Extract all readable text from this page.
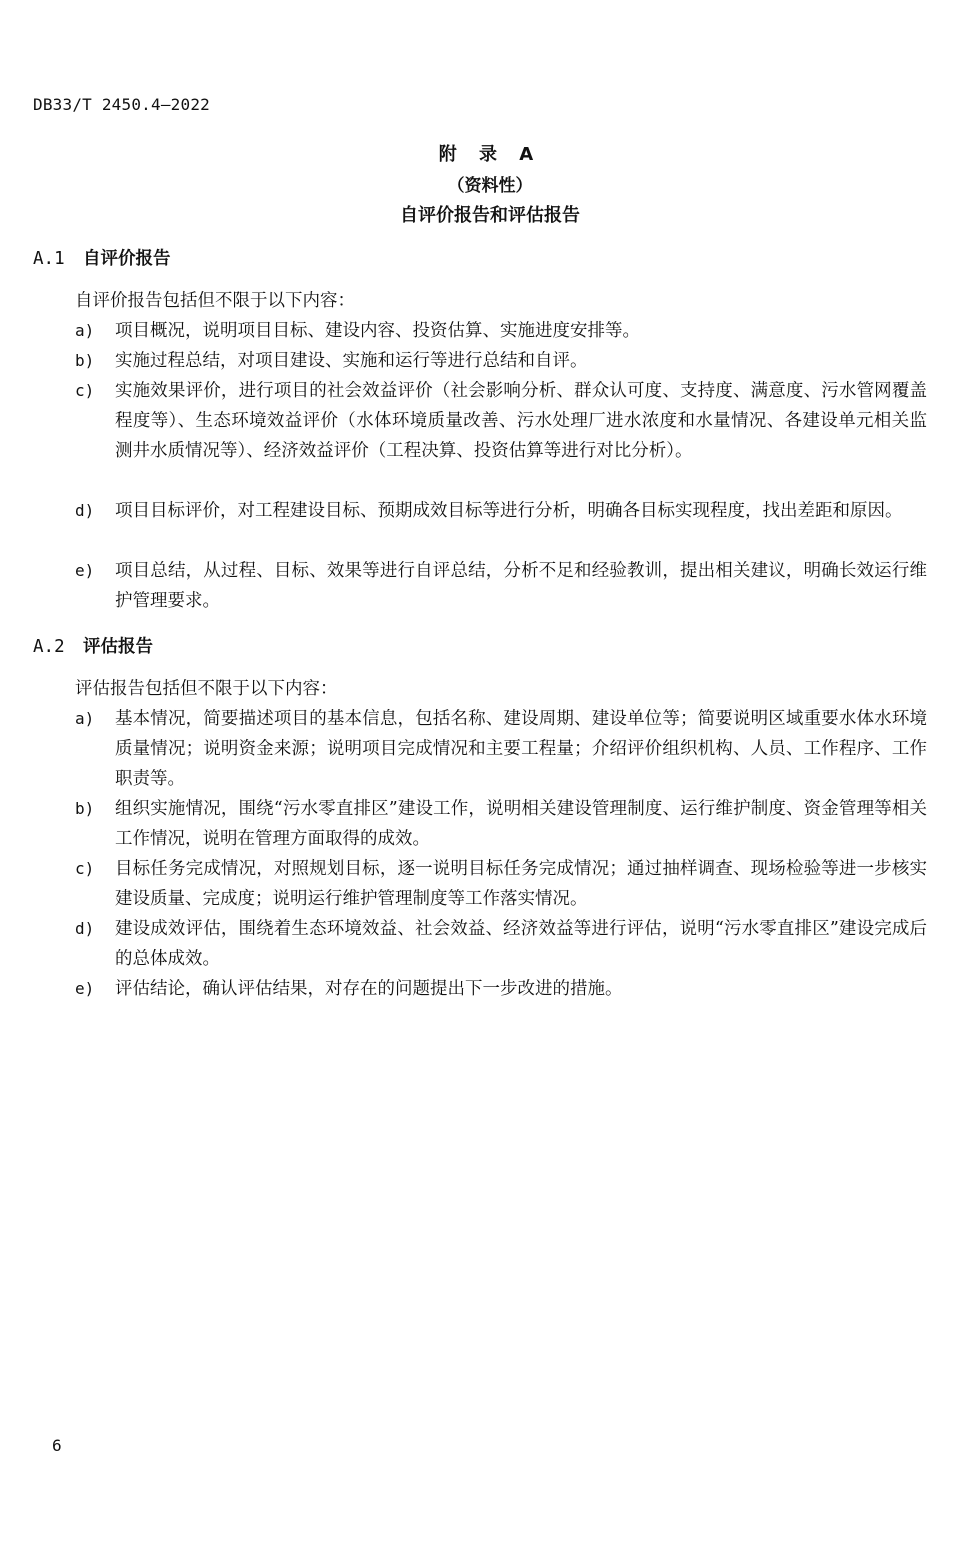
DB33/T 2450.4—2022
附 录 A
（资料性）
自评价报告和评估报告
A.1 自评价报告
自评价报告包括但不限于以下内容：
a) 项目概况，说明项目目标、建设内容、投资估算、实施进度安排等。
b) 实施过程总结，对项目建设、实施和运行等进行总结和自评。
c) 实施效果评价，进行项目的社会效益评价（社会影响分析、群众认可度、支持度、满意度、污水管网覆盖程度等）、生态环境效益评价（水体环境质量改善、污水处理厂进水浓度和水量情况、各建设单元相关监测井水质情况等）、经济效益评价（工程决算、投资估算等进行对比分析）。
d) 项目目标评价，对工程建设目标、预期成效目标等进行分析，明确各目标实现程度，找出差距和原因。
e) 项目总结，从过程、目标、效果等进行自评总结，分析不足和经验教训，提出相关建议，明确长效运行维护管理要求。
A.2 评估报告
评估报告包括但不限于以下内容：
a) 基本情况，简要描述项目的基本信息，包括名称、建设周期、建设单位等；简要说明区域重要水体水环境质量情况；说明资金来源；说明项目完成情况和主要工程量；介绍评价组织机构、人员、工作程序、工作职责等。
b) 组织实施情况，围绕“污水零直排区”建设工作，说明相关建设管理制度、运行维护制度、资金管理等相关工作情况，说明在管理方面取得的成效。
c) 目标任务完成情况，对照规划目标，逐一说明目标任务完成情况；通过抽样调查、现场检验等进一步核实建设质量、完成度；说明运行维护管理制度等工作落实情况。
d) 建设成效评估，围绕着生态环境效益、社会效益、经济效益等进行评估，说明“污水零直排区”建设完成后的总体成效。
e) 评估结论，确认评估结果，对存在的问题提出下一步改进的措施。
6
